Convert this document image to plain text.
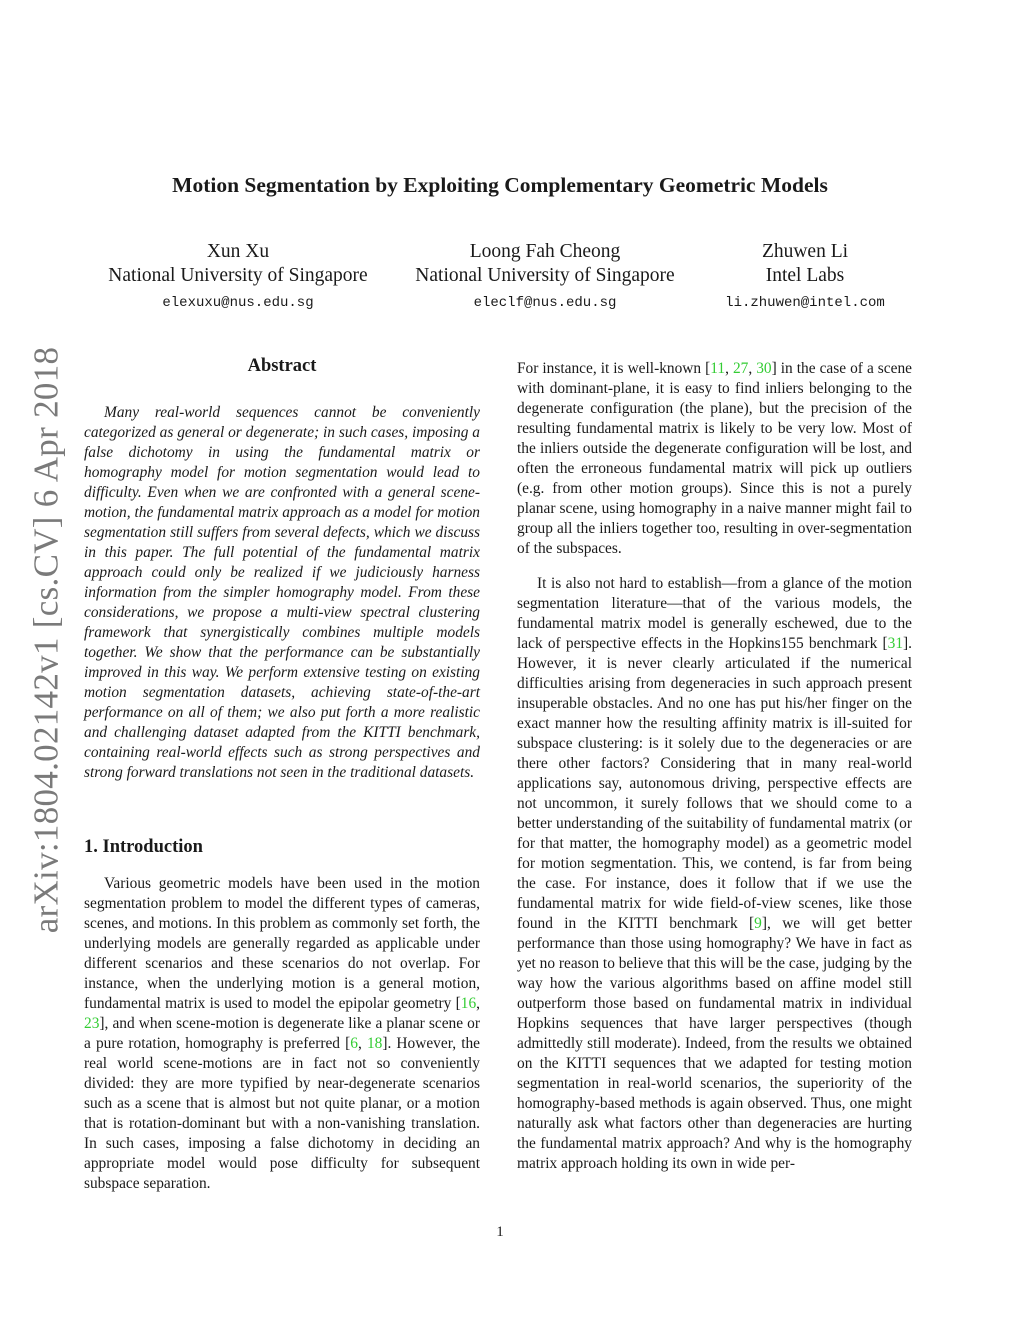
arXiv:1804.02142v1 [cs.CV] 6 Apr 2018
Motion Segmentation by Exploiting Complementary Geometric Models
Xun Xu
National University of Singapore
elexuxu@nus.edu.sg
Loong Fah Cheong
National University of Singapore
eleclf@nus.edu.sg
Zhuwen Li
Intel Labs
li.zhuwen@intel.com
Abstract

Many real-world sequences cannot be conveniently categorized as general or degenerate; in such cases, imposing a false dichotomy in using the fundamental matrix or homography model for motion segmentation would lead to difficulty. Even when we are confronted with a general scene-motion, the fundamental matrix approach as a model for motion segmentation still suffers from several defects, which we discuss in this paper. The full potential of the fundamental matrix approach could only be realized if we judiciously harness information from the simpler homography model. From these considerations, we propose a multi-view spectral clustering framework that synergistically combines multiple models together. We show that the performance can be substantially improved in this way. We perform extensive testing on existing motion segmentation datasets, achieving state-of-the-art performance on all of them; we also put forth a more realistic and challenging dataset adapted from the KITTI benchmark, containing real-world effects such as strong perspectives and strong forward translations not seen in the traditional datasets.

1. Introduction

Various geometric models have been used in the motion segmentation problem to model the different types of cameras, scenes, and motions. In this problem as commonly set forth, the underlying models are generally regarded as applicable under different scenarios and these scenarios do not overlap. For instance, when the underlying motion is a general motion, fundamental matrix is used to model the epipolar geometry [16, 23], and when scene-motion is degenerate like a planar scene or a pure rotation, homography is preferred [6, 18]. However, the real world scene-motions are in fact not so conveniently divided: they are more typified by near-degenerate scenarios such as a scene that is almost but not quite planar, or a motion that is rotation-dominant but with a non-vanishing translation. In such cases, imposing a false dichotomy in deciding an appropriate model would pose difficulty for subsequent subspace separation.

For instance, it is well-known [11, 27, 30] in the case of a scene with dominant-plane, it is easy to find inliers belonging to the degenerate configuration (the plane), but the precision of the resulting fundamental matrix is likely to be very low. Most of the inliers outside the degenerate configuration will be lost, and often the erroneous fundamental matrix will pick up outliers (e.g. from other motion groups). Since this is not a purely planar scene, using homography in a naive manner might fail to group all the inliers together too, resulting in over-segmentation of the subspaces.

It is also not hard to establish—from a glance of the motion segmentation literature—that of the various models, the fundamental matrix model is generally eschewed, due to the lack of perspective effects in the Hopkins155 benchmark [31]. However, it is never clearly articulated if the numerical difficulties arising from degeneracies in such approach present insuperable obstacles. And no one has put his/her finger on the exact manner how the resulting affinity matrix is ill-suited for subspace clustering: is it solely due to the degeneracies or are there other factors? Considering that in many real-world applications say, autonomous driving, perspective effects are not uncommon, it surely follows that we should come to a better understanding of the suitability of fundamental matrix (or for that matter, the homography model) as a geometric model for motion segmentation. This, we contend, is far from being the case. For instance, does it follow that if we use the fundamental matrix for wide field-of-view scenes, like those found in the KITTI benchmark [9], we will get better performance than those using homography? We have in fact as yet no reason to believe that this will be the case, judging by the way how the various algorithms based on affine model still outperform those based on fundamental matrix in individual Hopkins sequences that have larger perspectives (though admittedly still moderate). Indeed, from the results we obtained on the KITTI sequences that we adapted for testing motion segmentation in real-world scenarios, the superiority of the homography-based methods is again observed. Thus, one might naturally ask what factors other than degeneracies are hurting the fundamental matrix approach? And why is the homography matrix approach holding its own in wide per-

1
